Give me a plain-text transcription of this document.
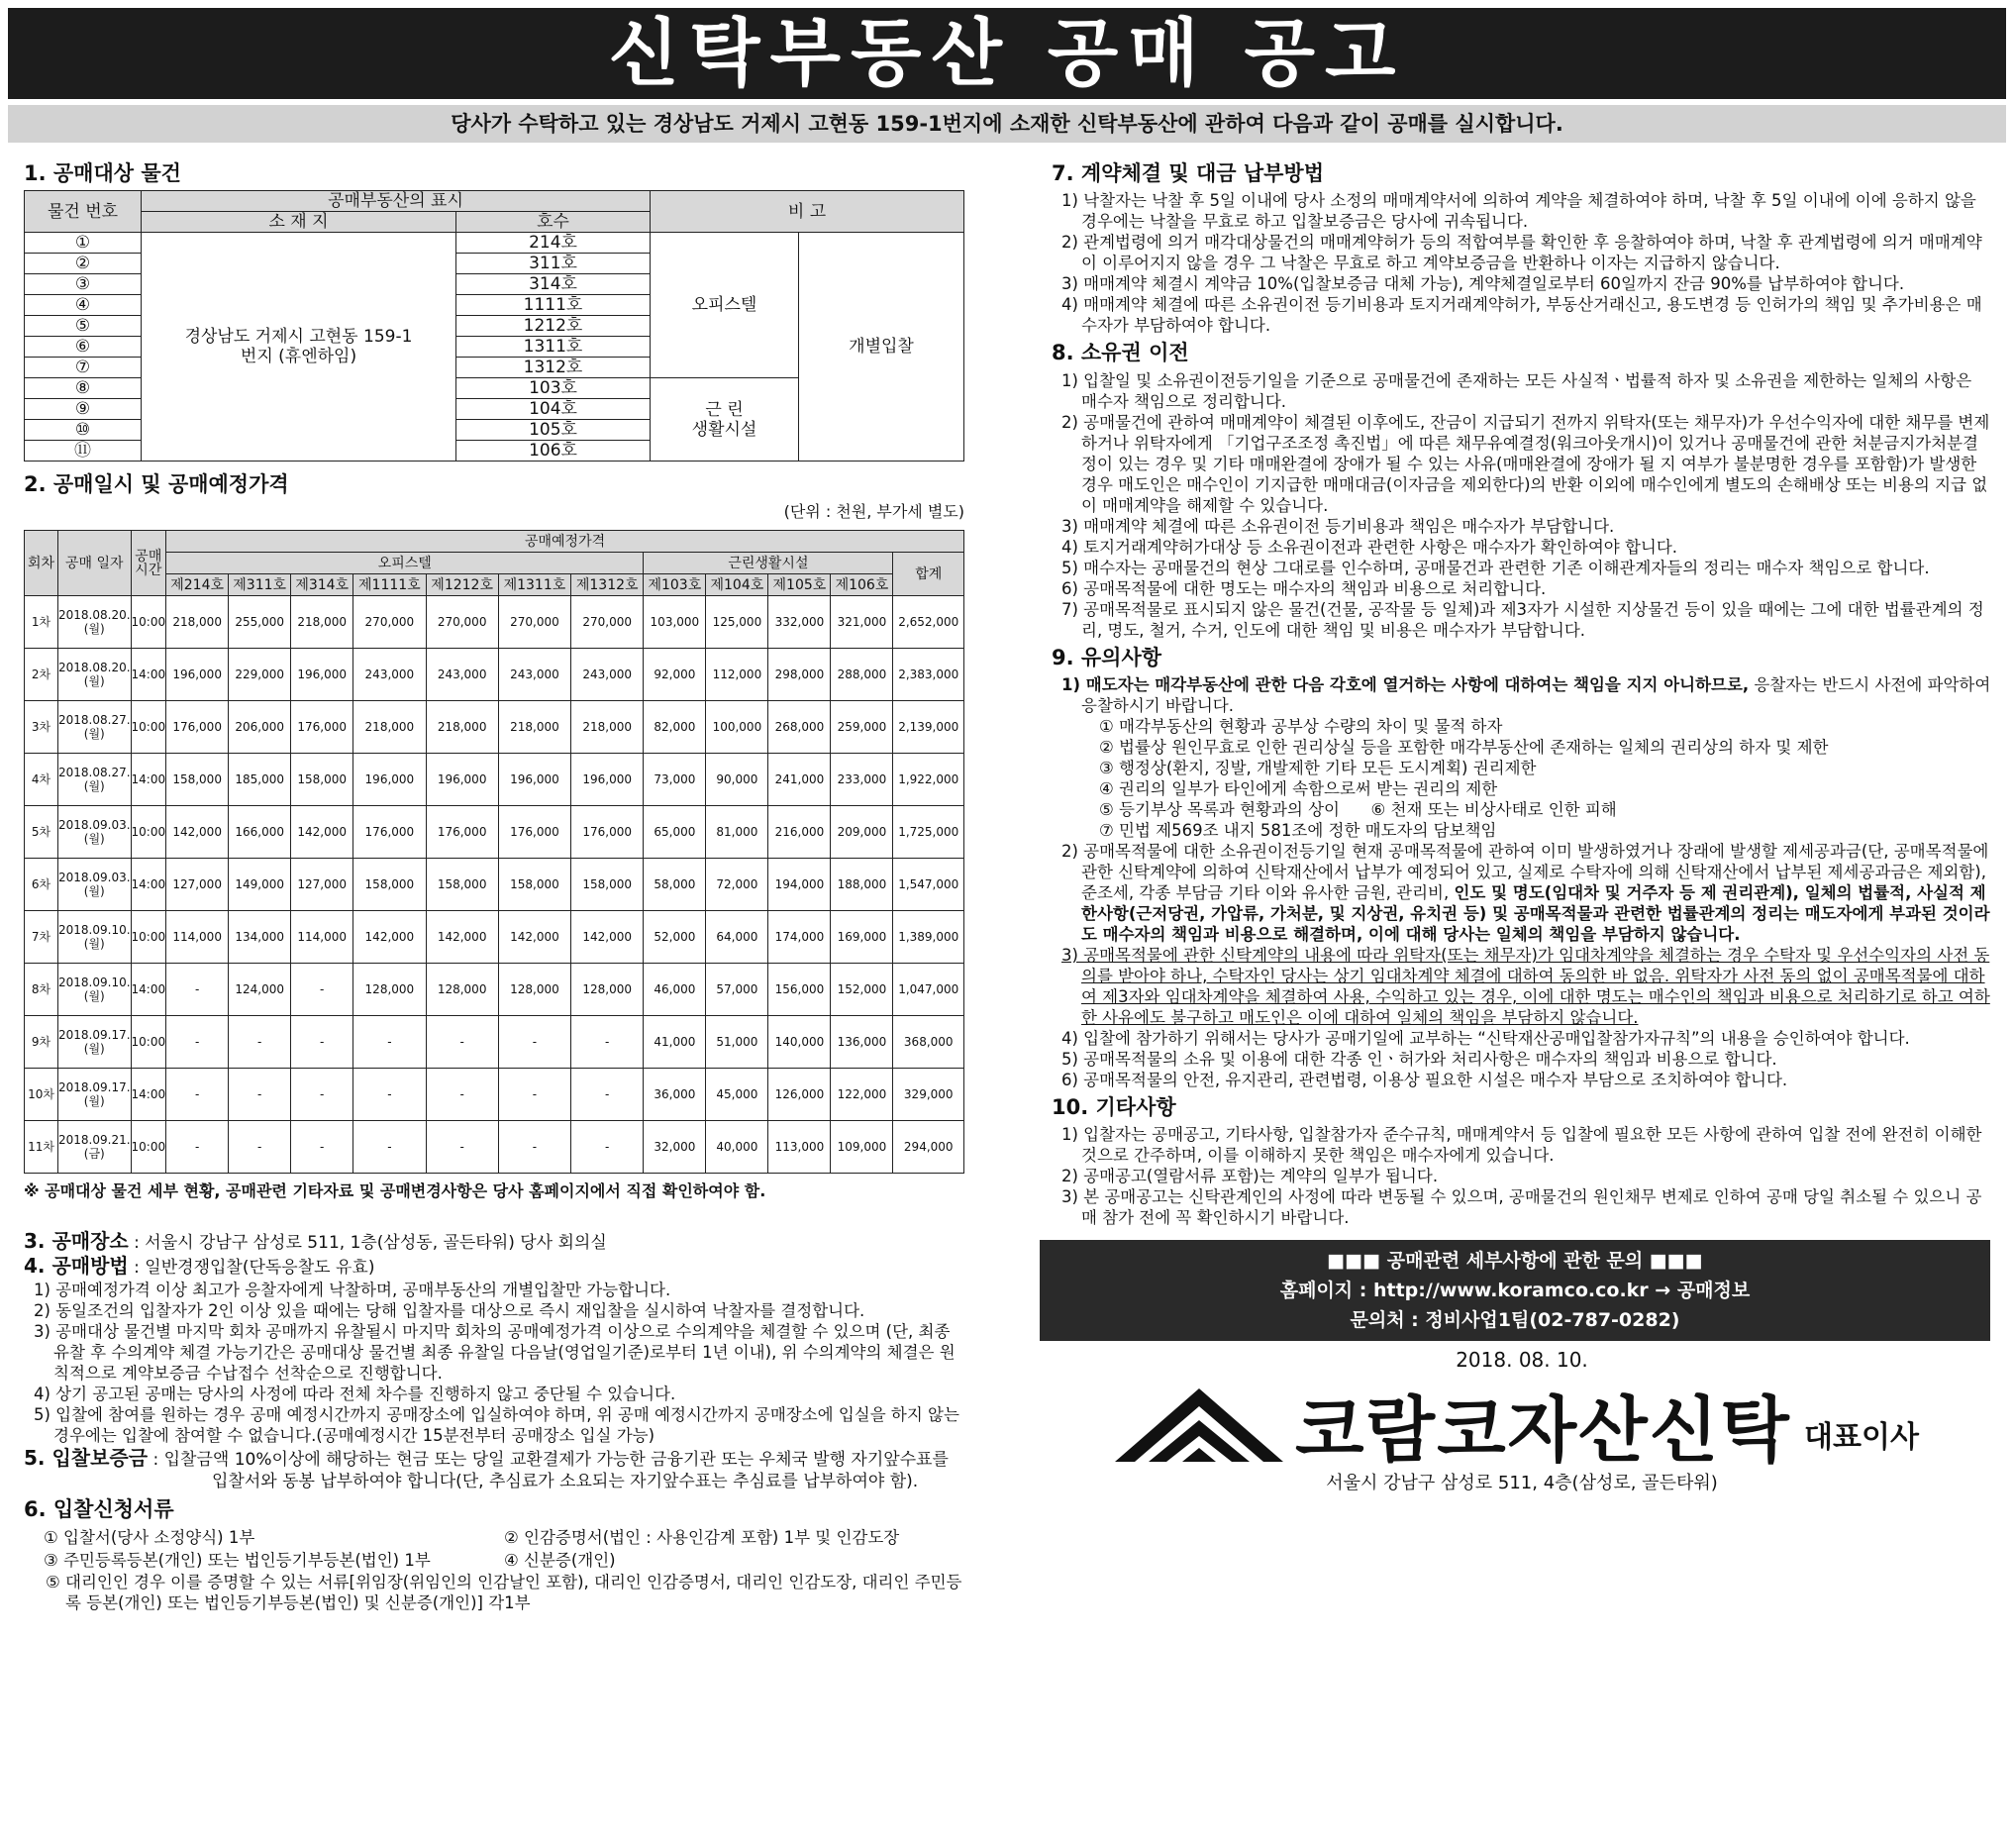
신탁부동산 공매 공고
당사가 수탁하고 있는 경상남도 거제시 고현동 159-1번지에 소재한 신탁부동산에 관하여 다음과 같이 공매를 실시합니다.
1. 공매대상 물건
물건 번호	공매부동산의 표시		비 고	
	소 재 지	호수		
①	경상남도 거제시 고현동 159-1번지 (휴엔하임)	214호	오피스텔	개별입찰
②		311호		
③		314호		
④		1111호		
⑤		1212호		
⑥		1311호		
⑦		1312호		
⑧		103호	근 린
생활시설	

⑨		104호		
⑩		105호		
⑪		106호		
2. 공매일시 및 공매예정가격
(단위 : 천원, 부가세 별도)
회차	공매 일자	공매 시간	공매예정가격											
			오피스텔							근린생활시설				합계
			제214호	제311호	제314호	제1111호	제1212호	제1311호	제1312호	제103호	제104호	제105호	제106호	
1차	2018.08.20.
(월)	10:00	218,000	255,000	218,000	270,000	270,000	270,000	270,000	103,000	125,000	332,000	321,000	2,652,000
2차	2018.08.20.
(월)	14:00	196,000	229,000	196,000	243,000	243,000	243,000	243,000	92,000	112,000	298,000	288,000	2,383,000
3차	2018.08.27.
(월)	10:00	176,000	206,000	176,000	218,000	218,000	218,000	218,000	82,000	100,000	268,000	259,000	2,139,000
4차	2018.08.27.
(월)	14:00	158,000	185,000	158,000	196,000	196,000	196,000	196,000	73,000	90,000	241,000	233,000	1,922,000
5차	2018.09.03.
(월)	10:00	142,000	166,000	142,000	176,000	176,000	176,000	176,000	65,000	81,000	216,000	209,000	1,725,000
6차	2018.09.03.
(월)	14:00	127,000	149,000	127,000	158,000	158,000	158,000	158,000	58,000	72,000	194,000	188,000	1,547,000
7차	2018.09.10.
(월)	10:00	114,000	134,000	114,000	142,000	142,000	142,000	142,000	52,000	64,000	174,000	169,000	1,389,000
8차	2018.09.10.
(월)	14:00	-	124,000	-	128,000	128,000	128,000	128,000	46,000	57,000	156,000	152,000	1,047,000
9차	2018.09.17.
(월)	10:00	-	-	-	-	-	-	-	41,000	51,000	140,000	136,000	368,000
10차	2018.09.17.
(월)	14:00	-	-	-	-	-	-	-	36,000	45,000	126,000	122,000	329,000
11차	2018.09.21.
(금)	10:00	-	-	-	-	-	-	-	32,000	40,000	113,000	109,000	294,000
※ 공매대상 물건 세부 현황, 공매관련 기타자료 및 공매변경사항은 당사 홈페이지에서 직접 확인하여야 함.
3. 공매장소 : 서울시 강남구 삼성로 511, 1층(삼성동, 골든타워) 당사 회의실
4. 공매방법 : 일반경쟁입찰(단독응찰도 유효)
1) 공매예정가격 이상 최고가 응찰자에게 낙찰하며, 공매부동산의 개별입찰만 가능합니다.
2) 동일조건의 입찰자가 2인 이상 있을 때에는 당해 입찰자를 대상으로 즉시 재입찰을 실시하여 낙찰자를 결정합니다.
3) 공매대상 물건별 마지막 회차 공매까지 유찰될시 마지막 회차의 공매예정가격 이상으로 수의계약을 체결할 수 있으며 (단, 최종 유찰 후 수의계약 체결 가능기간은 공매대상 물건별 최종 유찰일 다음날(영업일기준)로부터 1년 이내), 위 수의계약의 체결은 원칙적으로 계약보증금 수납접수 선착순으로 진행합니다.
4) 상기 공고된 공매는 당사의 사정에 따라 전체 차수를 진행하지 않고 중단될 수 있습니다.
5) 입찰에 참여를 원하는 경우 공매 예정시간까지 공매장소에 입실하여야 하며, 위 공매 예정시간까지 공매장소에 입실을 하지 않는 경우에는 입찰에 참여할 수 없습니다.(공매예정시간 15분전부터 공매장소 입실 가능)
5. 입찰보증금 : 입찰금액 10%이상에 해당하는 현금 또는 당일 교환결제가 가능한 금융기관 또는 우체국 발행 자기앞수표를 입찰서와 동봉 납부하여야 합니다(단, 추심료가 소요되는 자기앞수표는 추심료를 납부하여야 함).
6. 입찰신청서류
① 입찰서(당사 소정양식) 1부	② 인감증명서(법인 : 사용인감계 포함) 1부 및 인감도장
③ 주민등록등본(개인) 또는 법인등기부등본(법인) 1부	④ 신분증(개인)
⑤ 대리인인 경우 이를 증명할 수 있는 서류[위임장(위임인의 인감날인 포함), 대리인 인감증명서, 대리인 인감도장, 대리인 주민등록 등본(개인) 또는 법인등기부등본(법인) 및 신분증(개인)] 각1부
7. 계약체결 및 대금 납부방법
1) 낙찰자는 낙찰 후 5일 이내에 당사 소정의 매매계약서에 의하여 계약을 체결하여야 하며, 낙찰 후 5일 이내에 이에 응하지 않을 경우에는 낙찰을 무효로 하고 입찰보증금은 당사에 귀속됩니다.
2) 관계법령에 의거 매각대상물건의 매매계약허가 등의 적합여부를 확인한 후 응찰하여야 하며, 낙찰 후 관계법령에 의거 매매계약이 이루어지지 않을 경우 그 낙찰은 무효로 하고 계약보증금을 반환하나 이자는 지급하지 않습니다.
3) 매매계약 체결시 계약금 10%(입찰보증금 대체 가능), 계약체결일로부터 60일까지 잔금 90%를 납부하여야 합니다.
4) 매매계약 체결에 따른 소유권이전 등기비용과 토지거래계약허가, 부동산거래신고, 용도변경 등 인허가의 책임 및 추가비용은 매수자가 부담하여야 합니다.
8. 소유권 이전
1) 입찰일 및 소유권이전등기일을 기준으로 공매물건에 존재하는 모든 사실적ㆍ법률적 하자 및 소유권을 제한하는 일체의 사항은 매수자 책임으로 정리합니다.
2) 공매물건에 관하여 매매계약이 체결된 이후에도, 잔금이 지급되기 전까지 위탁자(또는 채무자)가 우선수익자에 대한 채무를 변제하거나 위탁자에게 「기업구조조정 촉진법」에 따른 채무유예결정(워크아웃개시)이 있거나 공매물건에 관한 처분금지가처분결정이 있는 경우 및 기타 매매완결에 장애가 될 수 있는 사유(매매완결에 장애가 될 지 여부가 불분명한 경우를 포함함)가 발생한 경우 매도인은 매수인이 기지급한 매매대금(이자금을 제외한다)의 반환 이외에 매수인에게 별도의 손해배상 또는 비용의 지급 없이 매매계약을 해제할 수 있습니다.
3) 매매계약 체결에 따른 소유권이전 등기비용과 책임은 매수자가 부담합니다.
4) 토지거래계약허가대상 등 소유권이전과 관련한 사항은 매수자가 확인하여야 합니다.
5) 매수자는 공매물건의 현상 그대로를 인수하며, 공매물건과 관련한 기존 이해관계자들의 정리는 매수자 책임으로 합니다.
6) 공매목적물에 대한 명도는 매수자의 책임과 비용으로 처리합니다.
7) 공매목적물로 표시되지 않은 물건(건물, 공작물 등 일체)과 제3자가 시설한 지상물건 등이 있을 때에는 그에 대한 법률관계의 정리, 명도, 철거, 수거, 인도에 대한 책임 및 비용은 매수자가 부담합니다.
9. 유의사항
1) 매도자는 매각부동산에 관한 다음 각호에 열거하는 사항에 대하여는 책임을 지지 아니하므로, 응찰자는 반드시 사전에 파악하여 응찰하시기 바랍니다.
① 매각부동산의 현황과 공부상 수량의 차이 및 물적 하자
② 법률상 원인무효로 인한 권리상실 등을 포함한 매각부동산에 존재하는 일체의 권리상의 하자 및 제한
③ 행정상(환지, 징발, 개발제한 기타 모든 도시계획) 권리제한
④ 권리의 일부가 타인에게 속함으로써 받는 권리의 제한
⑤ 등기부상 목록과 현황과의 상이 ⑥ 천재 또는 비상사태로 인한 피해
⑦ 민법 제569조 내지 581조에 정한 매도자의 담보책임
2) 공매목적물에 대한 소유권이전등기일 현재 공매목적물에 관하여 이미 발생하였거나 장래에 발생할 제세공과금(단, 공매목적물에 관한 신탁계약에 의하여 신탁재산에서 납부가 예정되어 있고, 실제로 수탁자에 의해 신탁재산에서 납부된 제세공과금은 제외함), 준조세, 각종 부담금 기타 이와 유사한 금원, 관리비, 인도 및 명도(임대차 및 거주자 등 제 권리관계), 일체의 법률적, 사실적 제한사항(근저당권, 가압류, 가처분, 및 지상권, 유치권 등) 및 공매목적물과 관련한 법률관계의 정리는 매도자에게 부과된 것이라도 매수자의 책임과 비용으로 해결하며, 이에 대해 당사는 일체의 책임을 부담하지 않습니다.
3) 공매목적물에 관한 신탁계약의 내용에 따라 위탁자(또는 채무자)가 임대차계약을 체결하는 경우 수탁자 및 우선수익자의 사전 동의를 받아야 하나, 수탁자인 당사는 상기 임대차계약 체결에 대하여 동의한 바 없음. 위탁자가 사전 동의 없이 공매목적물에 대하여 제3자와 임대차계약을 체결하여 사용, 수익하고 있는 경우, 이에 대한 명도는 매수인의 책임과 비용으로 처리하기로 하고 여하한 사유에도 불구하고 매도인은 이에 대하여 일체의 책임을 부담하지 않습니다.
4) 입찰에 참가하기 위해서는 당사가 공매기일에 교부하는 “신탁재산공매입찰참가자규칙”의 내용을 승인하여야 합니다.
5) 공매목적물의 소유 및 이용에 대한 각종 인ㆍ허가와 처리사항은 매수자의 책임과 비용으로 합니다.
6) 공매목적물의 안전, 유지관리, 관련법령, 이용상 필요한 시설은 매수자 부담으로 조치하여야 합니다.
10. 기타사항
1) 입찰자는 공매공고, 기타사항, 입찰참가자 준수규칙, 매매계약서 등 입찰에 필요한 모든 사항에 관하여 입찰 전에 완전히 이해한 것으로 간주하며, 이를 이해하지 못한 책임은 매수자에게 있습니다.
2) 공매공고(열람서류 포함)는 계약의 일부가 됩니다.
3) 본 공매공고는 신탁관계인의 사정에 따라 변동될 수 있으며, 공매물건의 원인채무 변제로 인하여 공매 당일 취소될 수 있으니 공매 참가 전에 꼭 확인하시기 바랍니다.
■■■ 공매관련 세부사항에 관한 문의 ■■■
홈페이지 : http://www.koramco.co.kr → 공매정보
문의처 : 정비사업1팀(02-787-0282)
2018. 08. 10.
코람코자산신탁 대표이사
서울시 강남구 삼성로 511, 4층(삼성로, 골든타워)
